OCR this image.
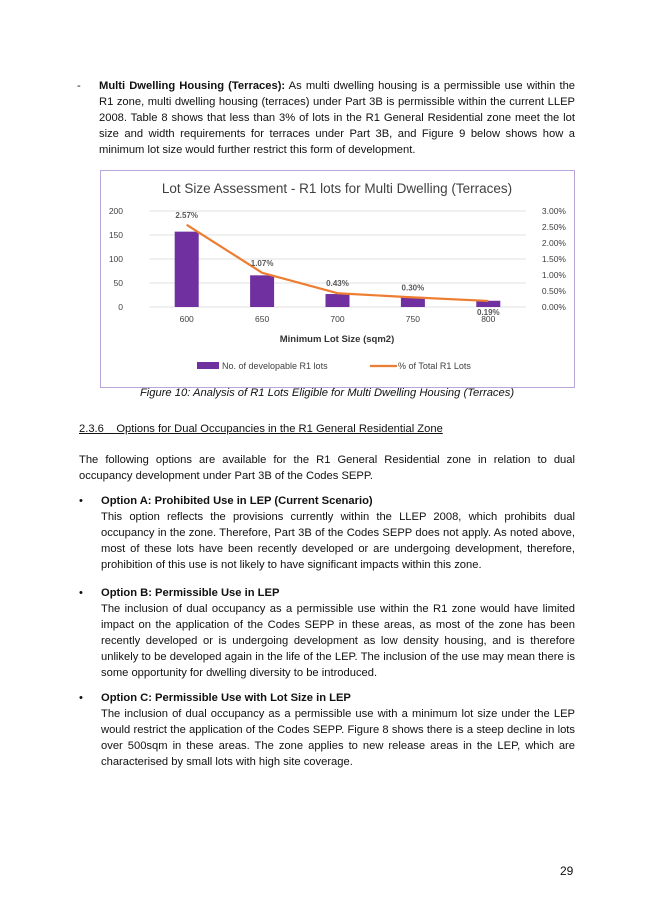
- Multi Dwelling Housing (Terraces): As multi dwelling housing is a permissible use within the R1 zone, multi dwelling housing (terraces) under Part 3B is permissible within the current LLEP 2008. Table 8 shows that less than 3% of lots in the R1 General Residential zone meet the lot size and width requirements for terraces under Part 3B, and Figure 9 below shows how a minimum lot size would further restrict this form of development.
Lot Size Assessment - R1 lots for Multi Dwelling (Terraces)
2.57%
1.07%
0.43%	0.30%
0.19%
0
50
100
150
200
0.00%
0.50%
1.00%
1.50%
2.00%
2.50%
3.00%
600	650	700	750	800
Minimum Lot Size (sqm2)
No. of developable R1 lots	% of Total R1 Lots
Figure 10: Analysis of R1 Lots Eligible for Multi Dwelling Housing (Terraces)
2.3.6 Options for Dual Occupancies in the R1 General Residential Zone
The following options are available for the R1 General Residential zone in relation to dual occupancy development under Part 3B of the Codes SEPP.
• Option A: Prohibited Use in LEP (Current Scenario)
This option reflects the provisions currently within the LLEP 2008, which prohibits dual occupancy in the zone. Therefore, Part 3B of the Codes SEPP does not apply. As noted above, most of these lots have been recently developed or are undergoing development, therefore, prohibition of this use is not likely to have significant impacts within this zone.
• Option B: Permissible Use in LEP
The inclusion of dual occupancy as a permissible use within the R1 zone would have limited impact on the application of the Codes SEPP in these areas, as most of the zone has been recently developed or is undergoing development as low density housing, and is therefore unlikely to be developed again in the life of the LEP. The inclusion of the use may mean there is some opportunity for dwelling diversity to be introduced.
• Option C: Permissible Use with Lot Size in LEP
The inclusion of dual occupancy as a permissible use with a minimum lot size under the LEP would restrict the application of the Codes SEPP. Figure 8 shows there is a steep decline in lots over 500sqm in these areas. The zone applies to new release areas in the LEP, which are characterised by small lots with high site coverage.
29
